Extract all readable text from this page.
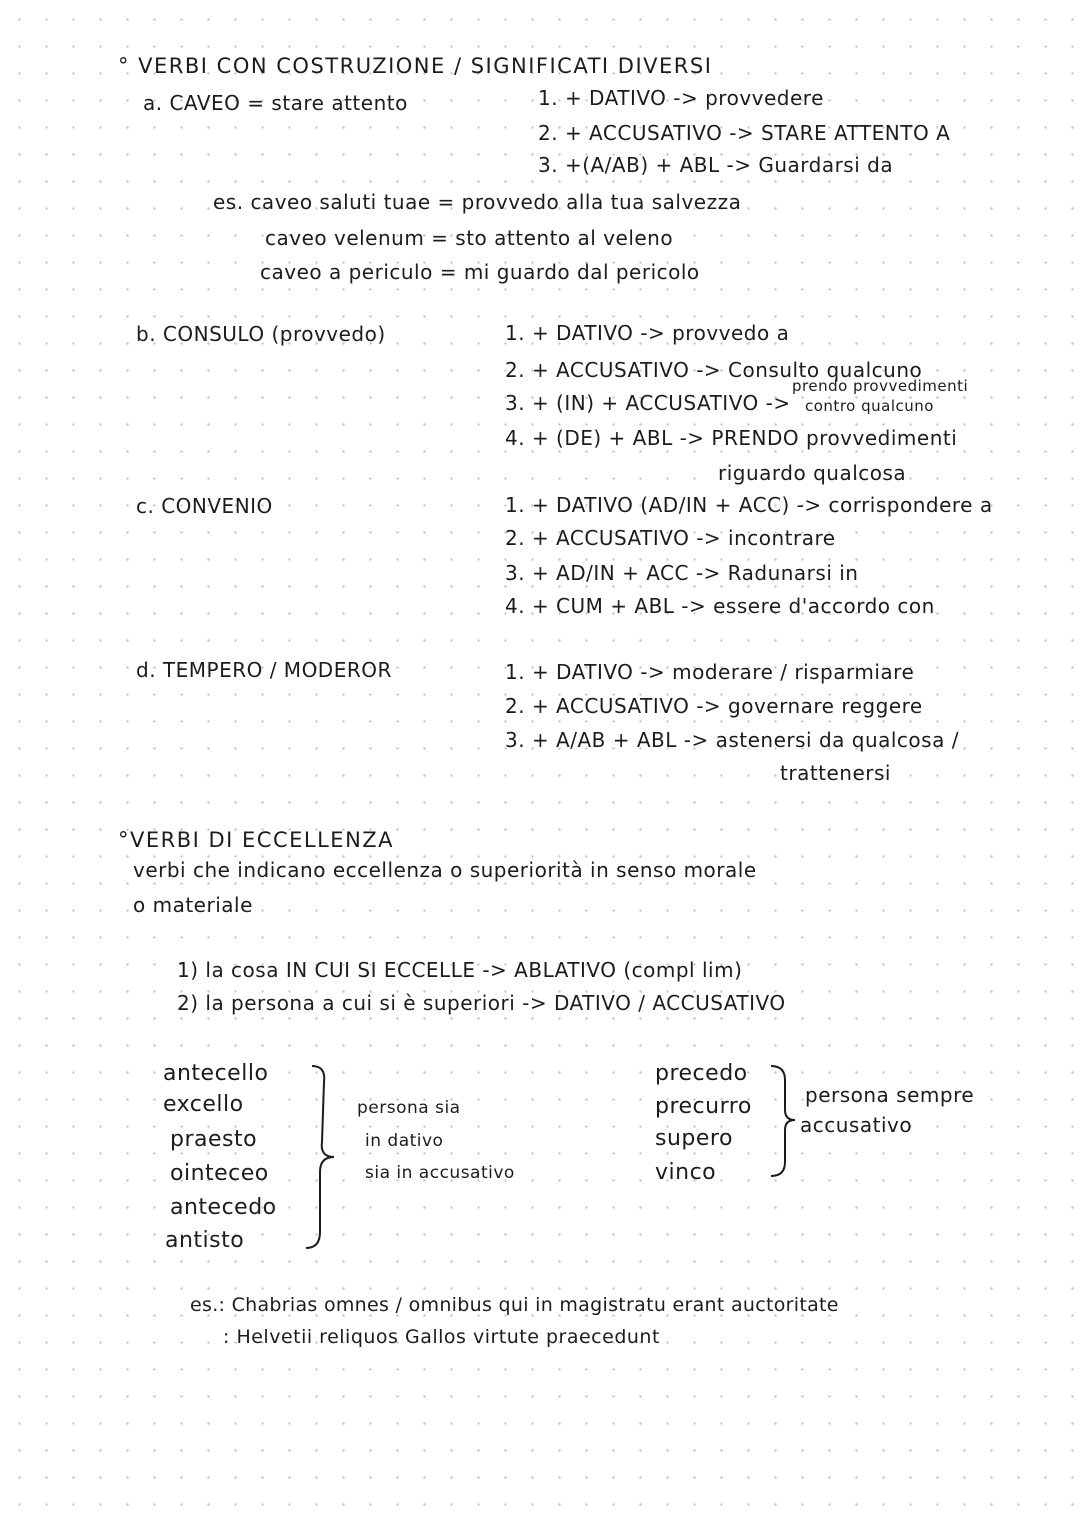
° VERBI CON COSTRUZIONE / SIGNIFICATI DIVERSI
a. CAVEO = stare attento	1. + DATIVO -> provvedere
2. + ACCUSATIVO -> STARE ATTENTO A
3. +(A/AB) + ABL -> Guardarsi da
es. caveo saluti tuae = provvedo alla tua salvezza
caveo velenum = sto attento al veleno
caveo a periculo = mi guardo dal pericolo
b. CONSULO (provvedo)	1. + DATIVO -> provvedo a
2. + ACCUSATIVO -> Consulto qualcuno
3. + (IN) + ACCUSATIVO ->
prendo provvedimenti
contro qualcuno
4. + (DE) + ABL -> PRENDO provvedimenti
riguardo qualcosa
c. CONVENIO	1. + DATIVO (AD/IN + ACC) -> corrispondere a
2. + ACCUSATIVO -> incontrare
3. + AD/IN + ACC -> Radunarsi in
4. + CUM + ABL -> essere d'accordo con
d. TEMPERO / MODEROR	1. + DATIVO -> moderare / risparmiare
2. + ACCUSATIVO -> governare reggere
3. + A/AB + ABL -> astenersi da qualcosa /
trattenersi
°VERBI DI ECCELLENZA
verbi che indicano eccellenza o superiorità in senso morale
o materiale
1) la cosa IN CUI SI ECCELLE -> ABLATIVO (compl lim)
2) la persona a cui si è superiori -> DATIVO / ACCUSATIVO
antecello
excello
praesto
ointeceo
antecedo
antisto
persona sia
in dativo
sia in accusativo
precedo
precurro
supero
vinco
persona sempre
accusativo
es.: Chabrias omnes / omnibus qui in magistratu erant auctoritate
: Helvetii reliquos Gallos virtute praecedunt
